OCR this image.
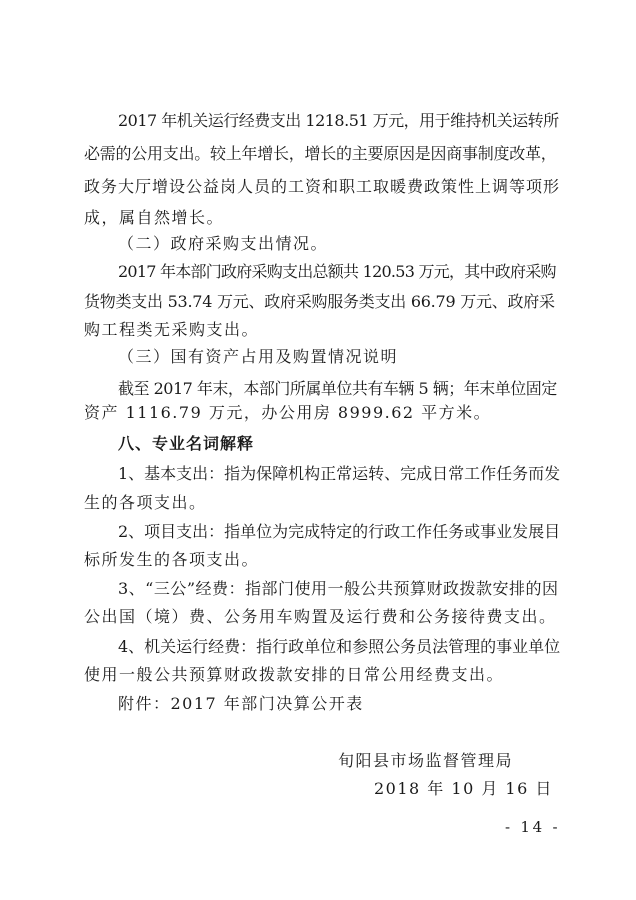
2017 年机关运行经费支出 1218.51 万元，用于维持机关运转所
必需的公用支出。较上年增长，增长的主要原因是因商事制度改革，
政务大厅增设公益岗人员的工资和职工取暖费政策性上调等项形
成，属自然增长。
（二）政府采购支出情况。
2017 年本部门政府采购支出总额共 120.53 万元，其中政府采购
货物类支出 53.74 万元、政府采购服务类支出 66.79 万元、政府采
购工程类无采购支出。
（三）国有资产占用及购置情况说明
截至 2017 年末，本部门所属单位共有车辆 5 辆；年末单位固定
资产 1116.79 万元，办公用房 8999.62 平方米。
八、专业名词解释
1、基本支出：指为保障机构正常运转、完成日常工作任务而发
生的各项支出。
2、项目支出：指单位为完成特定的行政工作任务或事业发展目
标所发生的各项支出。
3、“三公”经费：指部门使用一般公共预算财政拨款安排的因
公出国（境）费、公务用车购置及运行费和公务接待费支出。
4、机关运行经费：指行政单位和参照公务员法管理的事业单位
使用一般公共预算财政拨款安排的日常公用经费支出。
附件：2017 年部门决算公开表
旬阳县市场监督管理局
2018 年 10 月 16 日
- 14 -
